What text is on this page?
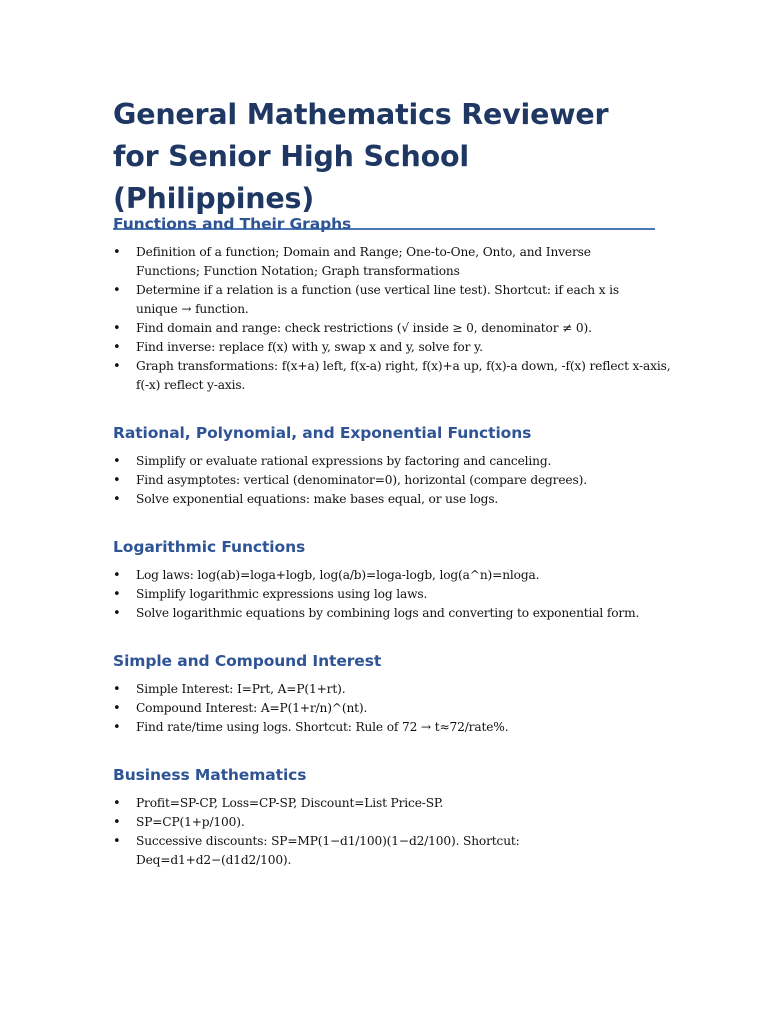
General Mathematics Reviewer for Senior High School (Philippines)
Functions and Their Graphs
• Definition of a function; Domain and Range; One-to-One, Onto, and Inverse Functions; Function Notation; Graph transformations
• Determine if a relation is a function (use vertical line test). Shortcut: if each x is unique → function.
• Find domain and range: check restrictions (√ inside ≥ 0, denominator ≠ 0).
• Find inverse: replace f(x) with y, swap x and y, solve for y.
• Graph transformations: f(x+a) left, f(x-a) right, f(x)+a up, f(x)-a down, -f(x) reflect x-axis, f(-x) reflect y-axis.
Rational, Polynomial, and Exponential Functions
• Simplify or evaluate rational expressions by factoring and canceling.
• Find asymptotes: vertical (denominator=0), horizontal (compare degrees).
• Solve exponential equations: make bases equal, or use logs.
Logarithmic Functions
• Log laws: log(ab)=loga+logb, log(a/b)=loga-logb, log(a^n)=nloga.
• Simplify logarithmic expressions using log laws.
• Solve logarithmic equations by combining logs and converting to exponential form.
Simple and Compound Interest
• Simple Interest: I=Prt, A=P(1+rt).
• Compound Interest: A=P(1+r/n)^(nt).
• Find rate/time using logs. Shortcut: Rule of 72 → t≈72/rate%.
Business Mathematics
• Profit=SP-CP, Loss=CP-SP, Discount=List Price-SP.
• SP=CP(1+p/100).
• Successive discounts: SP=MP(1−d1/100)(1−d2/100). Shortcut: Deq=d1+d2−(d1d2/100).
